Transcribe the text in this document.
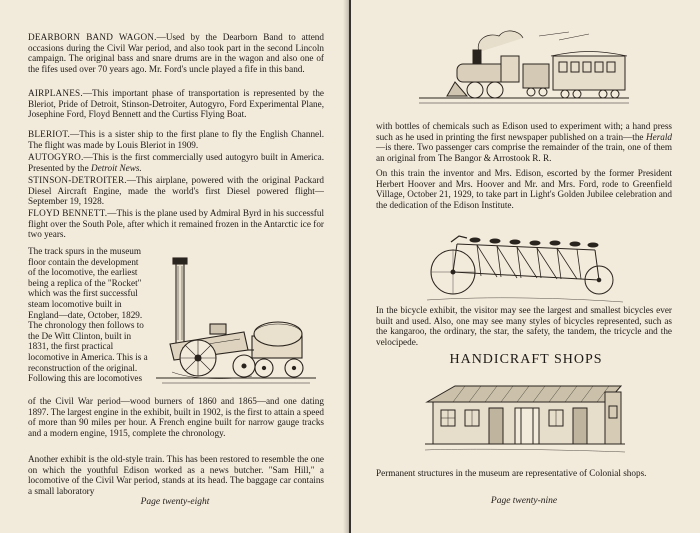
DEARBORN BAND WAGON.—Used by the Dearborn Band to attend occasions during the Civil War period, and also took part in the second Lincoln campaign. The original bass and snare drums are in the wagon and also one of the fifes used over 70 years ago. Mr. Ford's uncle played a fife in this band.

AIRPLANES.—This important phase of transportation is represented by the Bleriot, Pride of Detroit, Stinson-Detroiter, Autogyro, Ford Experimental Plane, Josephine Ford, Floyd Bennett and the Curtiss Flying Boat.

BLERIOT.—This is a sister ship to the first plane to fly the English Channel. The flight was made by Louis Bleriot in 1909.

AUTOGYRO.—This is the first commercially used autogyro built in America. Presented by the Detroit News.

STINSON-DETROITER.—This airplane, powered with the original Packard Diesel Aircraft Engine, made the world's first Diesel powered flight—September 19, 1928.

FLOYD BENNETT.—This is the plane used by Admiral Byrd in his successful flight over the South Pole, after which it remained frozen in the Antarctic ice for two years.

The track spurs in the museum floor contain the development of the locomotive, the earliest being a replica of the "Rocket" which was the first successful steam locomotive built in England—date, October, 1829. The chronology then follows to the De Witt Clinton, built in 1831, the first practical locomotive in America. This is a reconstruction of the original. Following this are locomotives

of the Civil War period—wood burners of 1860 and 1865—and one dating 1897. The largest engine in the exhibit, built in 1902, is the first to attain a speed of more than 90 miles per hour. A French engine built for narrow gauge tracks and a modern engine, 1915, complete the chronology.

Another exhibit is the old-style train. This has been restored to resemble the one on which the youthful Edison worked as a news butcher. "Sam Hill," a locomotive of the Civil War period, stands at its head. The baggage car contains a small laboratory

Page twenty-eight

with bottles of chemicals such as Edison used to experiment with; a hand press such as he used in printing the first newspaper published on a train—the Herald—is there. Two passenger cars comprise the remainder of the train, one of them an original from The Bangor & Arrostook R. R.

On this train the inventor and Mrs. Edison, escorted by the former President Herbert Hoover and Mrs. Hoover and Mr. and Mrs. Ford, rode to Greenfield Village, October 21, 1929, to take part in Light's Golden Jubilee celebration and the dedication of the Edison Institute.

In the bicycle exhibit, the visitor may see the largest and smallest bicycles ever built and used. Also, one may see many styles of bicycles represented, such as the kangaroo, the ordinary, the star, the safety, the tandem, the tricycle and the velocipede.

HANDICRAFT SHOPS

Permanent structures in the museum are representative of Colonial shops.

Page twenty-nine
